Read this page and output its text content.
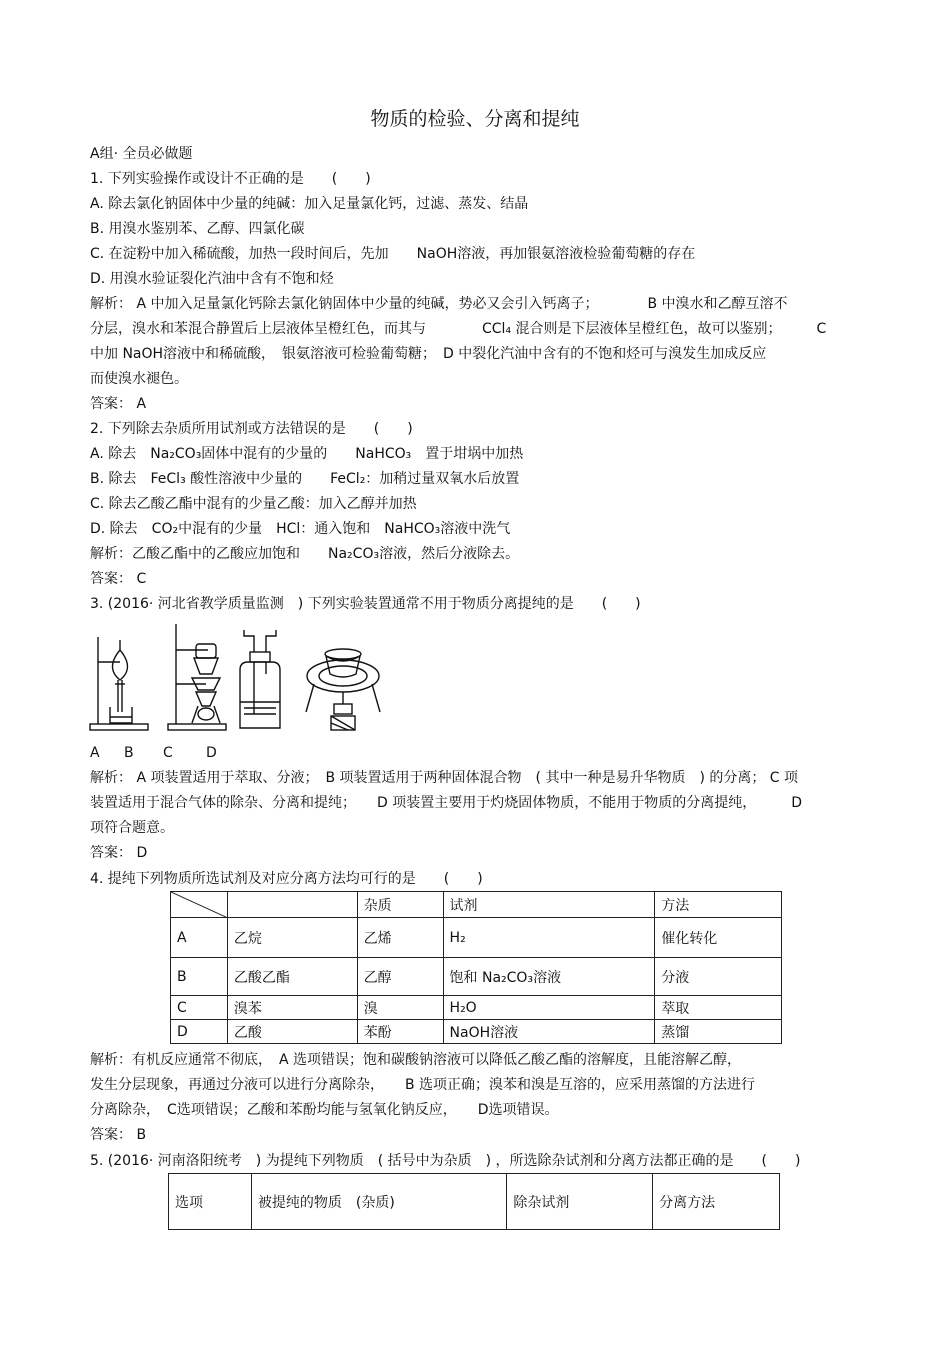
物质的检验、分离和提纯
A组· 全员必做题
1. 下列实验操作或设计不正确的是　　(　　)
A. 除去氯化钠固体中少量的纯碱：加入足量氯化钙，过滤、蒸发、结晶
B. 用溴水鉴别苯、乙醇、四氯化碳
C. 在淀粉中加入稀硫酸，加热一段时间后，先加　　NaOH溶液，再加银氨溶液检验葡萄糖的存在
D. 用溴水验证裂化汽油中含有不饱和烃
解析： A 中加入足量氯化钙除去氯化钠固体中少量的纯碱，势必又会引入钙离子；　　　　B 中溴水和乙醇互溶不
分层，溴水和苯混合静置后上层液体呈橙红色，而其与　　　　CCl₄ 混合则是下层液体呈橙红色，故可以鉴别；　　　C
中加 NaOH溶液中和稀硫酸，　银氨溶液可检验葡萄糖；　D 中裂化汽油中含有的不饱和烃可与溴发生加成反应
而使溴水褪色。
答案： A
2. 下列除去杂质所用试剂或方法错误的是　　(　　)
A. 除去　Na₂CO₃固体中混有的少量的　　NaHCO₃　置于坩埚中加热
B. 除去　FeCl₃ 酸性溶液中少量的　　FeCl₂：加稍过量双氧水后放置
C. 除去乙酸乙酯中混有的少量乙酸：加入乙醇并加热
D. 除去　CO₂中混有的少量　HCl：通入饱和　NaHCO₃溶液中洗气
解析：乙酸乙酯中的乙酸应加饱和　　Na₂CO₃溶液，然后分液除去。
答案： C
3. (2016· 河北省教学质量监测　) 下列实验装置通常不用于物质分离提纯的是　　(　　)
A B C D
解析： A 项装置适用于萃取、分液；　B 项装置适用于两种固体混合物　( 其中一种是易升华物质　) 的分离； C 项
装置适用于混合气体的除杂、分离和提纯；　　D 项装置主要用于灼烧固体物质，不能用于物质的分离提纯，　　　D
项符合题意。
答案： D
4. 提纯下列物质所选试剂及对应分离方法均可行的是　　(　　)
		杂质	试剂	方法
A	乙烷	乙烯	H₂	催化转化
B	乙酸乙酯	乙醇	饱和 Na₂CO₃溶液	分液
C	溴苯	溴	H₂O	萃取
D	乙酸	苯酚	NaOH溶液	蒸馏
解析：有机反应通常不彻底，　A 选项错误；饱和碳酸钠溶液可以降低乙酸乙酯的溶解度，且能溶解乙醇，
发生分层现象，再通过分液可以进行分离除杂，　　B 选项正确；溴苯和溴是互溶的，应采用蒸馏的方法进行
分离除杂，　C选项错误；乙酸和苯酚均能与氢氧化钠反应，　　D选项错误。
答案： B
5. (2016· 河南洛阳统考　) 为提纯下列物质　( 括号中为杂质　) ，所选除杂试剂和分离方法都正确的是　　(　　)
选项	被提纯的物质　(杂质)	除杂试剂	分离方法
